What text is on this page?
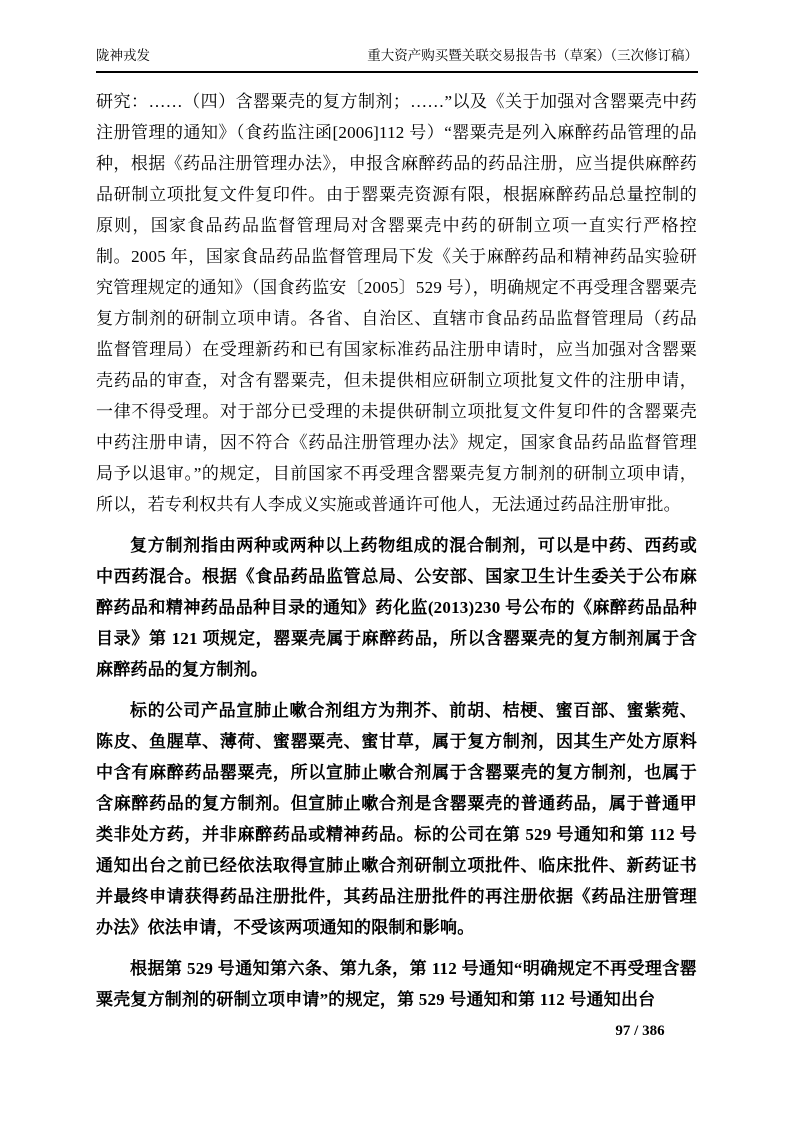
陇神戎发	重大资产购买暨关联交易报告书（草案）（三次修订稿）

研究：……（四）含罂粟壳的复方制剂；……”以及《关于加强对含罂粟壳中药注册管理的通知》（食药监注函[2006]112 号）“罂粟壳是列入麻醉药品管理的品种，根据《药品注册管理办法》，申报含麻醉药品的药品注册，应当提供麻醉药品研制立项批复文件复印件。由于罂粟壳资源有限，根据麻醉药品总量控制的原则，国家食品药品监督管理局对含罂粟壳中药的研制立项一直实行严格控制。2005 年，国家食品药品监督管理局下发《关于麻醉药品和精神药品实验研究管理规定的通知》（国食药监安〔2005〕529 号），明确规定不再受理含罂粟壳复方制剂的研制立项申请。各省、自治区、直辖市食品药品监督管理局（药品监督管理局）在受理新药和已有国家标准药品注册申请时，应当加强对含罂粟壳药品的审查，对含有罂粟壳，但未提供相应研制立项批复文件的注册申请，一律不得受理。对于部分已受理的未提供研制立项批复文件复印件的含罂粟壳中药注册申请，因不符合《药品注册管理办法》规定，国家食品药品监督管理局予以退审。”的规定，目前国家不再受理含罂粟壳复方制剂的研制立项申请，所以，若专利权共有人李成义实施或普通许可他人，无法通过药品注册审批。

复方制剂指由两种或两种以上药物组成的混合制剂，可以是中药、西药或中西药混合。根据《食品药品监管总局、公安部、国家卫生计生委关于公布麻醉药品和精神药品品种目录的通知》药化监(2013)230 号公布的《麻醉药品品种目录》第 121 项规定，罂粟壳属于麻醉药品，所以含罂粟壳的复方制剂属于含麻醉药品的复方制剂。

标的公司产品宣肺止嗽合剂组方为荆芥、前胡、桔梗、蜜百部、蜜紫菀、陈皮、鱼腥草、薄荷、蜜罂粟壳、蜜甘草，属于复方制剂，因其生产处方原料中含有麻醉药品罂粟壳，所以宣肺止嗽合剂属于含罂粟壳的复方制剂，也属于含麻醉药品的复方制剂。但宣肺止嗽合剂是含罂粟壳的普通药品，属于普通甲类非处方药，并非麻醉药品或精神药品。标的公司在第 529 号通知和第 112 号通知出台之前已经依法取得宣肺止嗽合剂研制立项批件、临床批件、新药证书并最终申请获得药品注册批件，其药品注册批件的再注册依据《药品注册管理办法》依法申请，不受该两项通知的限制和影响。

根据第 529 号通知第六条、第九条，第 112 号通知“明确规定不再受理含罂粟壳复方制剂的研制立项申请”的规定，第 529 号通知和第 112 号通知出台

97 / 386
